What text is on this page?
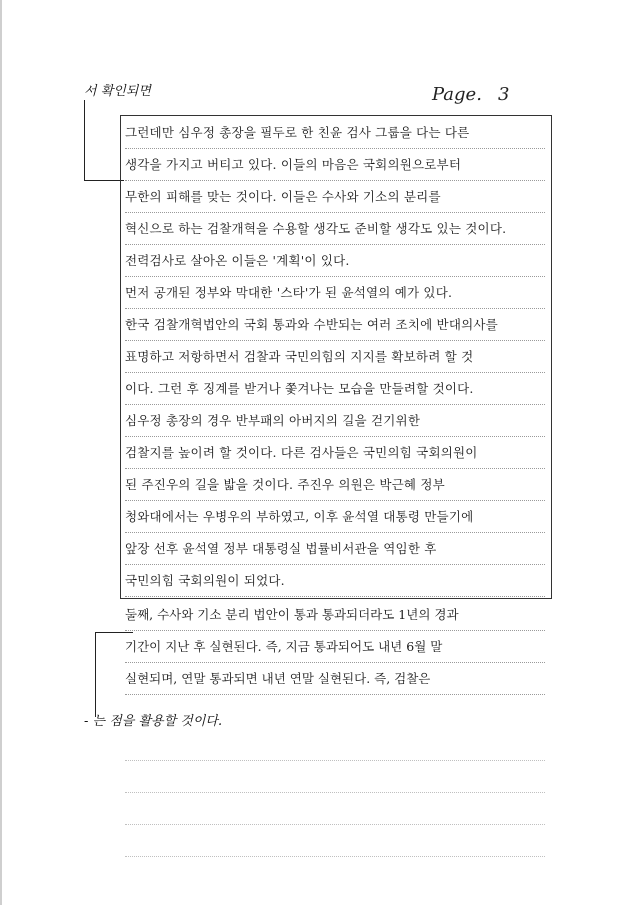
서 확인되면	Page. 3
그런데만 심우정 총장을 필두로 한 친윤 검사 그룹을 다는 다른
생각을 가지고 버티고 있다. 이들의 마음은 국회의원으로부터
무한의 피해를 맞는 것이다. 이들은 수사와 기소의 분리를
혁신으로 하는 검찰개혁을 수용할 생각도 준비할 생각도 있는 것이다.
전력검사로 살아온 이들은 '계획'이 있다.
먼저 공개된 정부와 막대한 '스타'가 된 윤석열의 예가 있다.
한국 검찰개혁법안의 국회 통과와 수반되는 여러 조치에 반대의사를
표명하고 저항하면서 검찰과 국민의힘의 지지를 확보하려 할 것
이다. 그런 후 징계를 받거나 쫓겨나는 모습을 만들려할 것이다.
심우정 총장의 경우 반부패의 아버지의 길을 걷기위한
검찰지를 높이려 할 것이다. 다른 검사들은 국민의힘 국회의원이
된 주진우의 길을 밟을 것이다. 주진우 의원은 박근혜 정부
청와대에서는 우병우의 부하였고, 이후 윤석열 대통령 만들기에
앞장 선후 윤석열 정부 대통령실 법률비서관을 역임한 후
국민의힘 국회의원이 되었다.
둘째, 수사와 기소 분리 법안이 통과 통과되더라도 1년의 경과
기간이 지난 후 실현된다. 즉, 지금 통과되어도 내년 6월 말
실현되며, 연말 통과되면 내년 연말 실현된다. 즉, 검찰은
- 는 점을 활용할 것이다.
